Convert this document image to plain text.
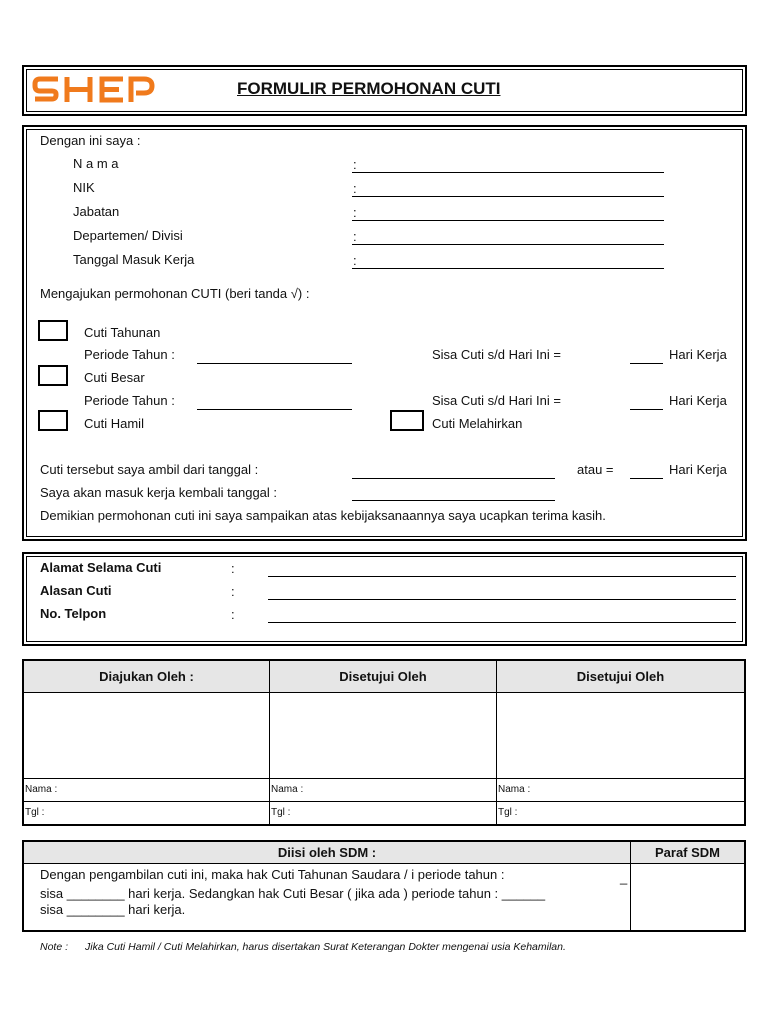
FORMULIR PERMOHONAN CUTI
Dengan ini saya :
N a m a	:
NIK	:
Jabatan	:
Departemen/ Divisi	:
Tanggal Masuk Kerja	:
Mengajukan permohonan CUTI (beri tanda √) :
Cuti Tahunan
Periode Tahun :	Sisa Cuti s/d Hari Ini =	Hari Kerja
Cuti Besar
Periode Tahun :	Sisa Cuti s/d Hari Ini =	Hari Kerja
Cuti Hamil	Cuti Melahirkan
Cuti tersebut saya ambil dari tanggal :	atau =	Hari Kerja
Saya akan masuk kerja kembali tanggal :
Demikian permohonan cuti ini saya sampaikan atas kebijaksanaannya saya ucapkan terima kasih.
Alamat Selama Cuti	:
Alasan Cuti	:
No. Telpon	:
Diajukan Oleh :	Disetujui Oleh	Disetujui Oleh

Nama :	Nama :	Nama :
Tgl :	Tgl :	Tgl :
Diisi oleh SDM :	Paraf SDM

Dengan pengambilan cuti ini, maka hak Cuti Tahunan Saudara / i periode tahun :	_
sisa ________ hari kerja. Sedangkan hak Cuti Besar ( jika ada ) periode tahun : ______
sisa ________ hari kerja.
Note : Jika Cuti Hamil / Cuti Melahirkan, harus disertakan Surat Keterangan Dokter mengenai usia Kehamilan.
